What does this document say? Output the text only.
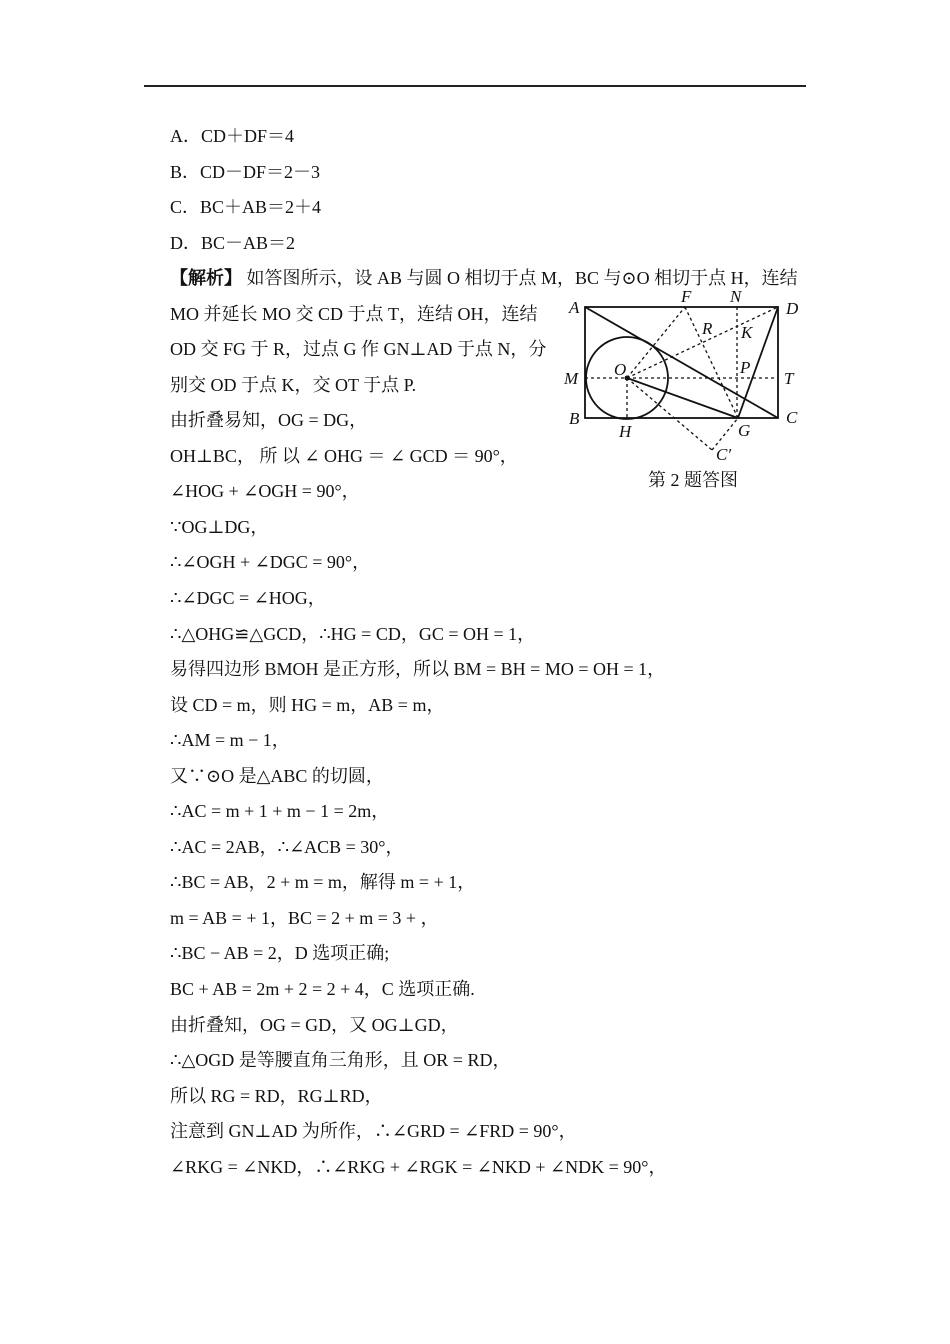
A．CD＋DF＝4
B．CD－DF＝2－3
C．BC＋AB＝2＋4
D．BC－AB＝2
【解析】 如答图所示，设 AB 与圆 O 相切于点 M，BC 与⊙O 相切于点 H，连结
MO 并延长 MO 交 CD 于点 T，连结 OH，连结
OD 交 FG 于 R，过点 G 作 GN⊥AD 于点 N，分
别交 OD 于点 K，交 OT 于点 P.
由折叠易知，OG = DG，
OH⊥BC， 所 以 ∠ OHG ＝ ∠ GCD ＝ 90°，
∠HOG + ∠OGH = 90°，
∵OG⊥DG，
∴∠OGH + ∠DGC = 90°，
∴∠DGC = ∠HOG，
∴△OHG≌△GCD，∴HG = CD，GC = OH = 1，
易得四边形 BMOH 是正方形，所以 BM = BH = MO = OH = 1，
设 CD = m，则 HG = m，AB = m，
∴AM = m − 1，
又∵⊙O 是△ABC 的切圆，
∴AC = m + 1 + m − 1 = 2m，
∴AC = 2AB，∴∠ACB = 30°，
∴BC = AB，2 + m = m，解得 m = + 1，
m = AB = + 1，BC = 2 + m = 3 + ，
∴BC − AB = 2，D 选项正确;
BC + AB = 2m + 2 = 2 + 4，C 选项正确.
由折叠知，OG = GD，又 OG⊥GD，
∴△OGD 是等腰直角三角形，且 OR = RD，
所以 RG = RD，RG⊥RD，
注意到 GN⊥AD 为所作，∴∠GRD = ∠FRD = 90°，
∠RKG = ∠NKD，∴∠RKG + ∠RGK = ∠NKD + ∠NDK = 90°，
A	D
B	C
F N
R K
O	P
M	T
H	G
C′
第 2 题答图
